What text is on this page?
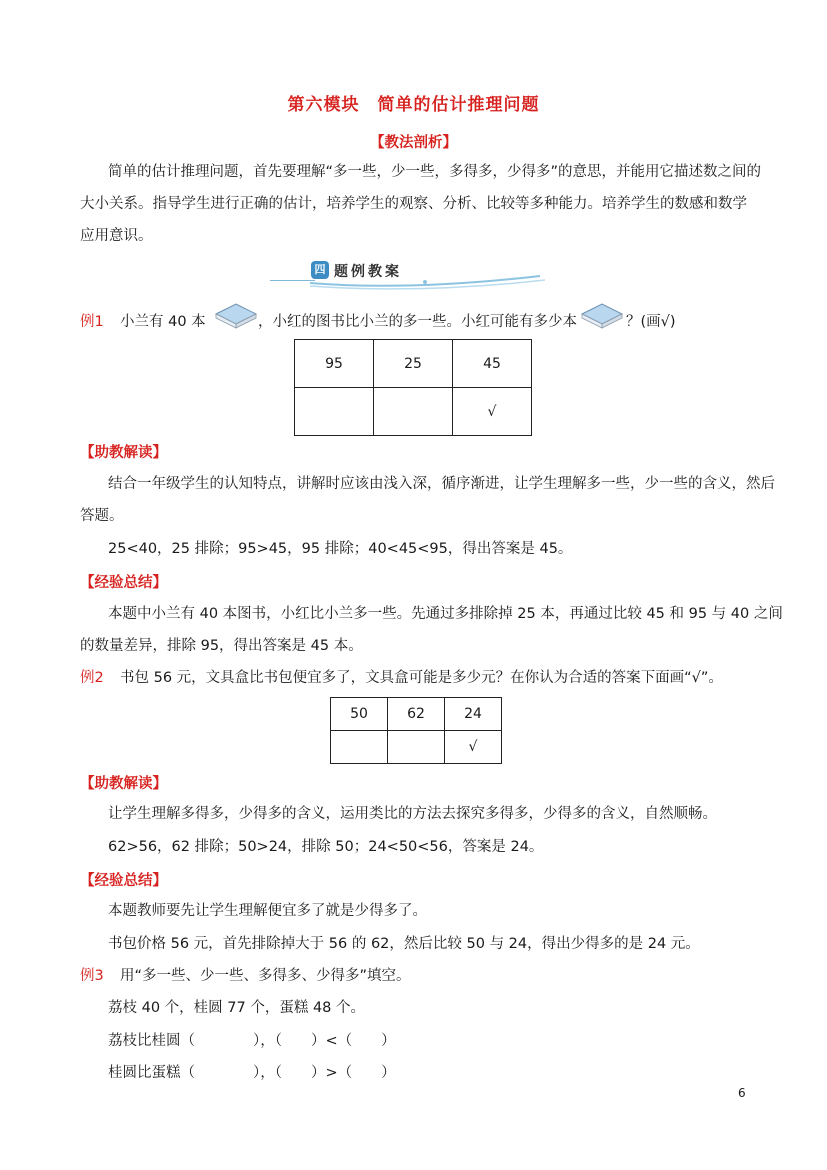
第六模块　简单的估计推理问题
【教法剖析】
简单的估计推理问题，首先要理解“多一些，少一些，多得多，少得多”的意思，并能用它描述数之间的
大小关系。指导学生进行正确的估计，培养学生的观察、分析、比较等多种能力。培养学生的数感和数学
应用意识。
四 题例教案
例1 小兰有 40 本	，小红的图书比小兰的多一些。小红可能有多少本	？(画√)
95	25	45
		√
【助教解读】
结合一年级学生的认知特点，讲解时应该由浅入深，循序渐进，让学生理解多一些，少一些的含义，然后
答题。
25<40，25 排除；95>45，95 排除；40<45<95，得出答案是 45。
【经验总结】
本题中小兰有 40 本图书，小红比小兰多一些。先通过多排除掉 25 本，再通过比较 45 和 95 与 40 之间
的数量差异，排除 95，得出答案是 45 本。
例2 书包 56 元，文具盒比书包便宜多了，文具盒可能是多少元？在你认为合适的答案下面画“√”。
50	62	24
		√
【助教解读】
让学生理解多得多，少得多的含义，运用类比的方法去探究多得多，少得多的含义，自然顺畅。
62>56，62 排除；50>24，排除 50；24<50<56，答案是 24。
【经验总结】
本题教师要先让学生理解便宜多了就是少得多了。
书包价格 56 元，首先排除掉大于 56 的 62，然后比较 50 与 24，得出少得多的是 24 元。
例3 用“多一些、少一些、多得多、少得多”填空。
荔枝 40 个，桂圆 77 个，蛋糕 48 个。
荔枝比桂圆（　　　　），（　　）<（　　）
桂圆比蛋糕（　　　　），（　　）>（　　）
6
